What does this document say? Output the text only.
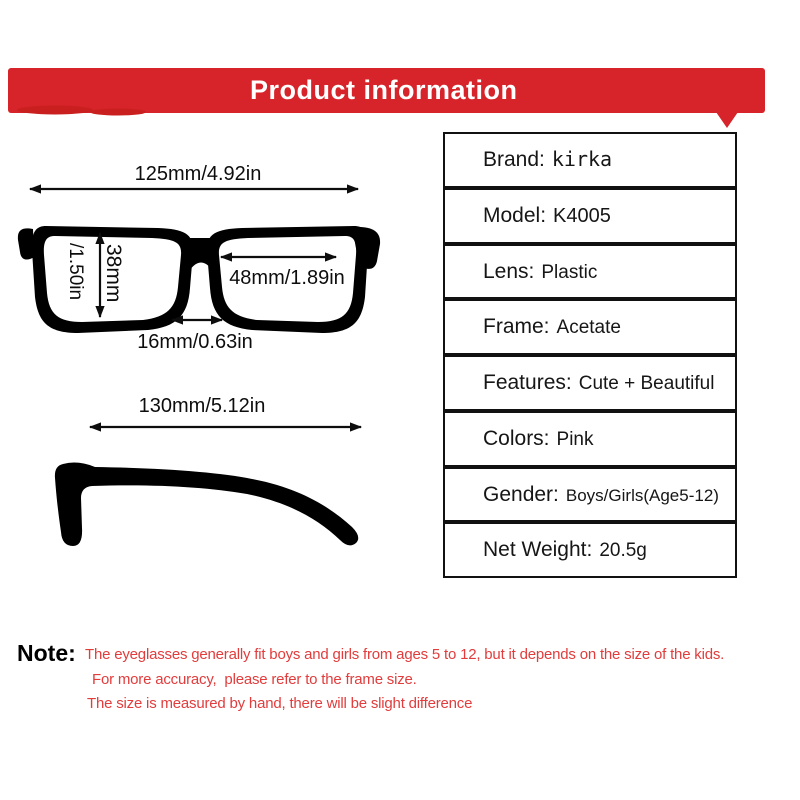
Product information
125mm/4.92in
38mm
/1.50in	48mm/1.89in
16mm/0.63in
130mm/5.12in
Brand: kirka
Model: K4005
Lens: Plastic
Frame: Acetate
Features: Cute + Beautiful
Colors: Pink
Gender: Boys/Girls(Age5-12)
Net Weight: 20.5g
Note: The eyeglasses generally fit boys and girls from ages 5 to 12, but it depends on the size of the kids.
For more accuracy,  please refer to the frame size.
The size is measured by hand, there will be slight difference
